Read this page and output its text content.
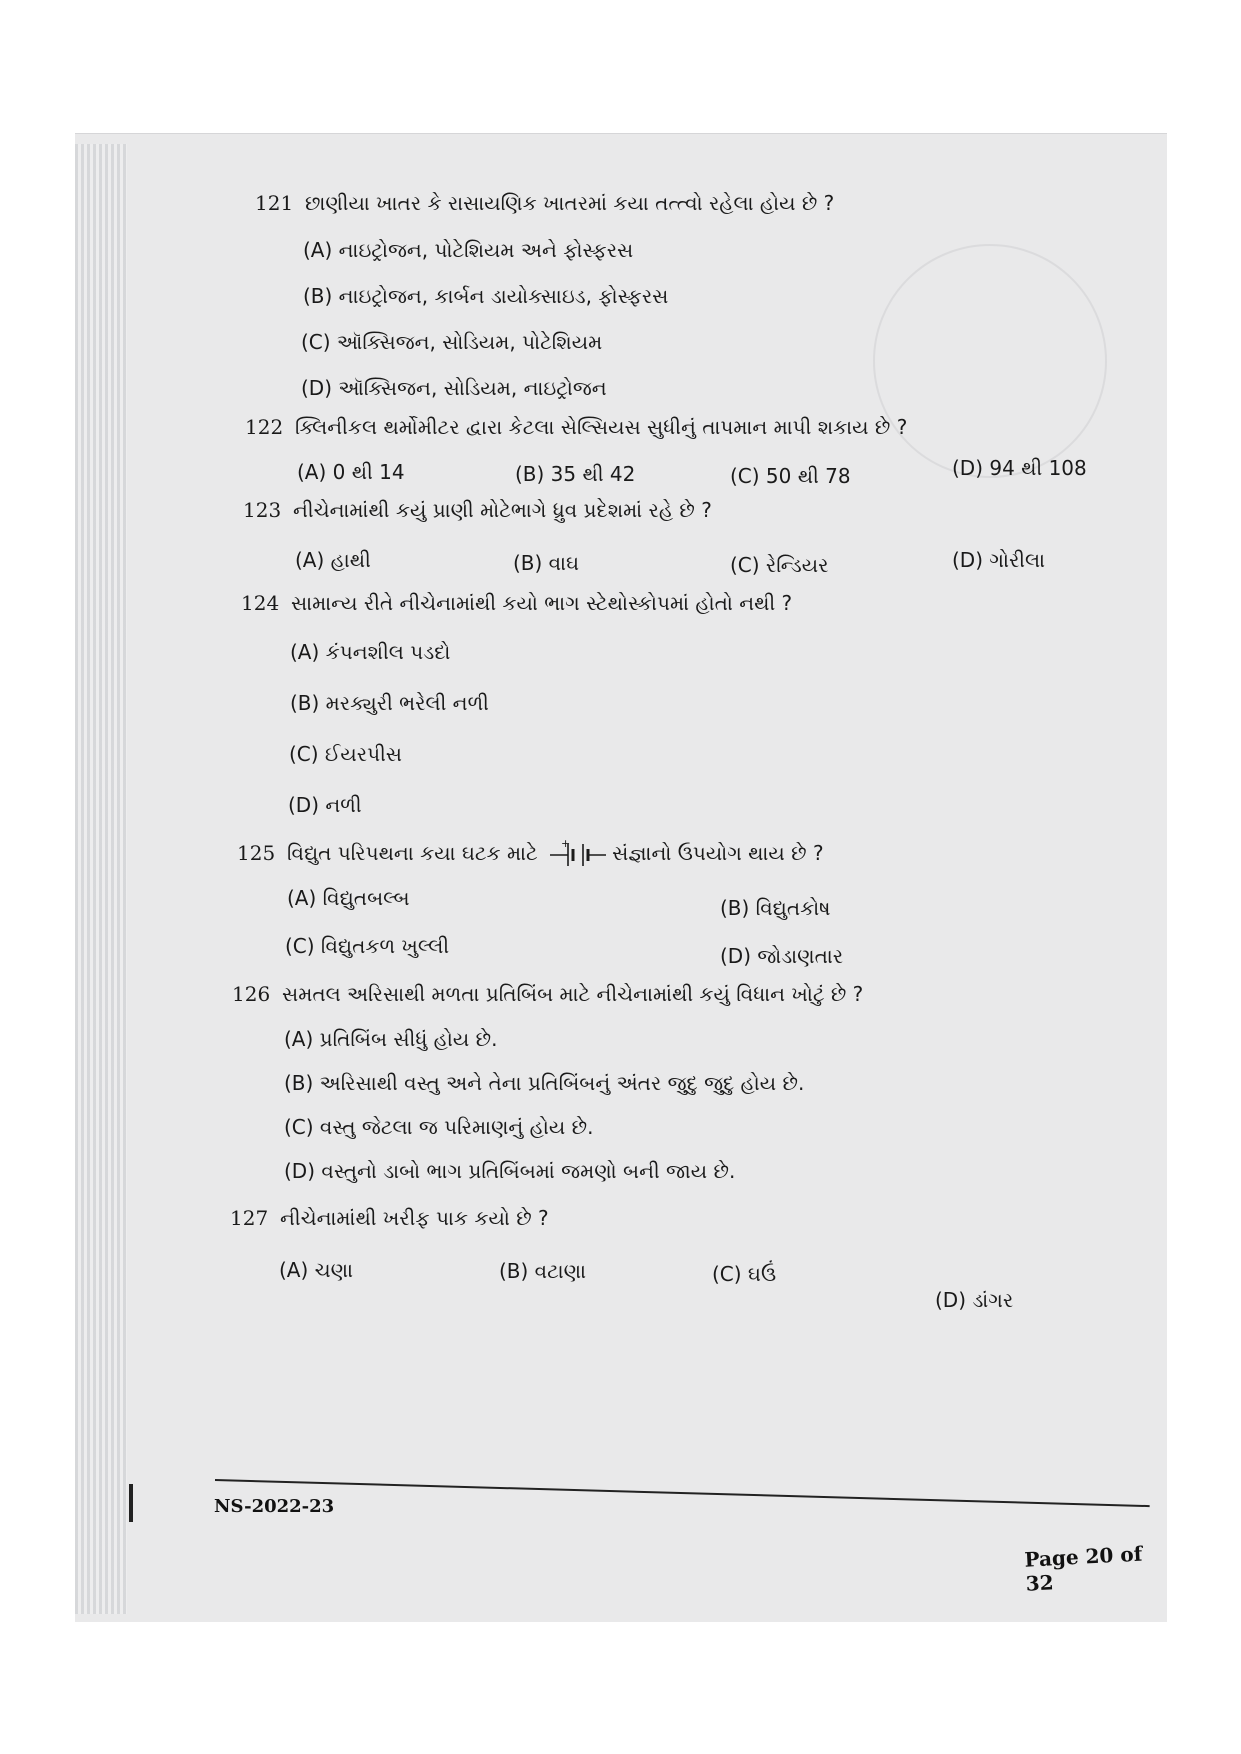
121 છાણીયા ખાતર કે રાસાયણિક ખાતરમાં કયા તત્ત્વો રહેલા હોય છે ?
(A) નાઇટ્રોજન, પોટેશિયમ અને ફોસ્ફરસ
(B) નાઇટ્રોજન, કાર્બન ડાયોક્સાઇડ, ફોસ્ફરસ
(C) ઑક્સિજન, સોડિયમ, પોટેશિયમ
(D) ઑક્સિજન, સોડિયમ, નાઇટ્રોજન
122 ક્લિનીકલ થર્મોમીટર દ્વારા કેટલા સેલ્સિયસ સુધીનું તાપમાન માપી શકાય છે ?
(A) 0 થી 14	(B) 35 થી 42	(C) 50 થી 78	(D) 94 થી 108
123 નીચેનામાંથી કયું પ્રાણી મોટેભાગે ધ્રુવ પ્રદેશમાં રહે છે ?
(A) હાથી	(B) વાઘ	(C) રેન્ડિયર	(D) ગોરીલા
124 સામાન્ય રીતે નીચેનામાંથી કયો ભાગ સ્ટેથોસ્કોપમાં હોતો નથી ?
(A) કંપનશીલ પડદો
(B) મરક્યુરી ભરેલી નળી
(C) ઈયરપીસ
(D) નળી
125 વિદ્યુત પરિપથના કયા ઘટક માટે + સંજ્ઞાનો ઉપયોગ થાય છે ?
(A) વિદ્યુતબલ્બ	(B) વિદ્યુતકોષ
(C) વિદ્યુતકળ ખુલ્લી	(D) જોડાણતાર
126 સમતલ અરિસાથી મળતા પ્રતિબિંબ માટે નીચેનામાંથી કયું વિધાન ખોટું છે ?
(A) પ્રતિબિંબ સીધું હોય છે.
(B) અરિસાથી વસ્તુ અને તેના પ્રતિબિંબનું અંતર જુદુ જુદુ હોય છે.
(C) વસ્તુ જેટલા જ પરિમાણનું હોય છે.
(D) વસ્તુનો ડાબો ભાગ પ્રતિબિંબમાં જમણો બની જાય છે.
127 નીચેનામાંથી ખરીફ પાક કયો છે ?
(A) ચણા	(B) વટાણા	(C) ઘઉં
(D) ડાંગર
NS-2022-23
Page 20 of 32
